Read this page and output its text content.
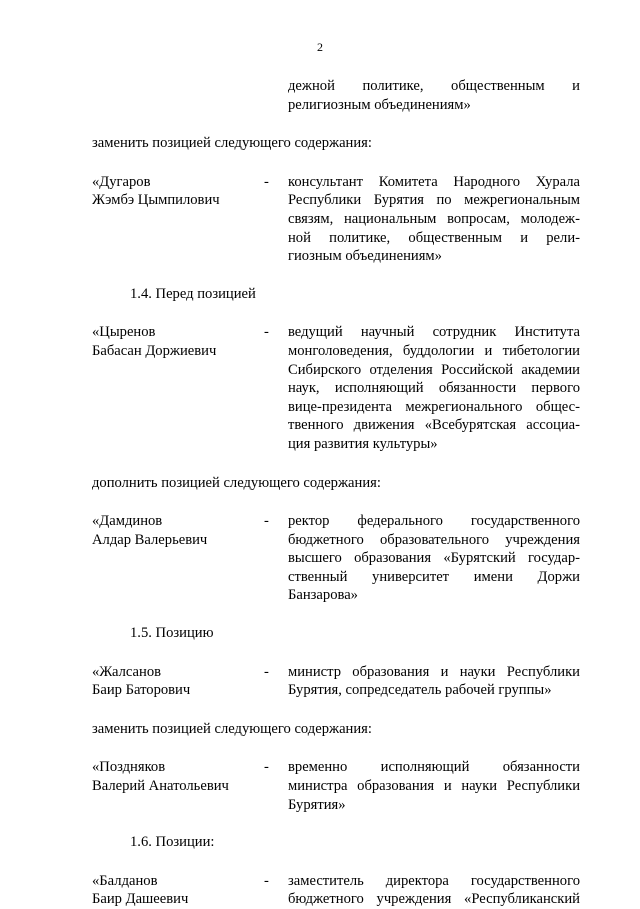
2
дежной политике, общественным и
религиозным объединениям»
заменить позицией следующего содержания:
«Дугаров
Жэмбэ Цымпилович
-	консультант Комитета Народного Хурала
Республики Бурятия по межрегиональным
связям, национальным вопросам, молодеж-
ной политике, общественным и рели-
гиозным объединениям»
1.4. Перед позицией
«Цыренов
Бабасан Доржиевич
-	ведущий научный сотрудник Института
монголоведения, буддологии и тибетологии
Сибирского отделения Российской академии
наук, исполняющий обязанности первого
вице-президента межрегионального общес-
твенного движения «Всебурятская ассоциа-
ция развития культуры»
дополнить позицией следующего содержания:
«Дамдинов
Алдар Валерьевич
-	ректор федерального государственного
бюджетного образовательного учреждения
высшего образования «Бурятский государ-
ственный университет имени Доржи
Банзарова»
1.5. Позицию
«Жалсанов
Баир Баторович
-	министр образования и науки Республики
Бурятия, сопредседатель рабочей группы»
заменить позицией следующего содержания:
«Поздняков
Валерий Анатольевич
-	временно исполняющий обязанности
министра образования и науки Республики
Бурятия»
1.6. Позиции:
«Балданов
Баир Дашеевич
-	заместитель директора государственного
бюджетного учреждения «Республиканский
